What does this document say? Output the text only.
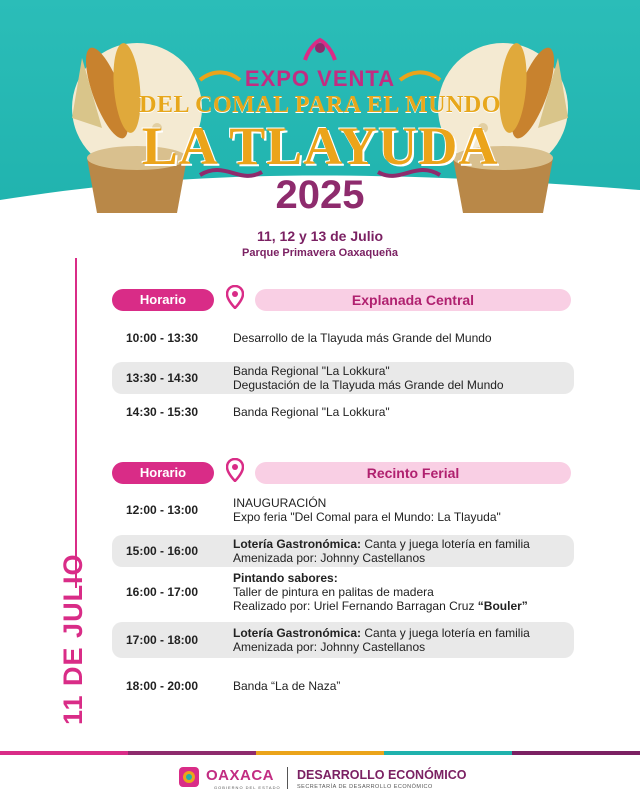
EXPO VENTA
DEL COMAL PARA EL MUNDO
LA TLAYUDA
2025
11, 12 y 13 de Julio
Parque Primavera Oaxaqueña
11 DE JULIO
Horario	Explanada Central
10:00 - 13:30	Desarrollo de la Tlayuda más Grande del Mundo
13:30 - 14:30	Banda Regional "La Lokkura"
Degustación de la Tlayuda más Grande del Mundo
14:30 - 15:30	Banda Regional "La Lokkura"
Horario	Recinto Ferial
12:00 - 13:00	INAUGURACIÓN
Expo feria "Del Comal para el Mundo: La Tlayuda"
15:00 - 16:00	Lotería Gastronómica: Canta y juega lotería en familia
Amenizada por: Johnny Castellanos
16:00 - 17:00
Pintando sabores:
Taller de pintura en palitas de madera
Realizado por: Uriel Fernando Barragan Cruz “Bouler”
17:00 - 18:00	Lotería Gastronómica: Canta y juega lotería en familia
Amenizada por: Johnny Castellanos
18:00 - 20:00	Banda “La de Naza”
OAXACA
GOBIERNO DEL ESTADO
DESARROLLO ECONÓMICO
SECRETARÍA DE DESARROLLO ECONÓMICO
